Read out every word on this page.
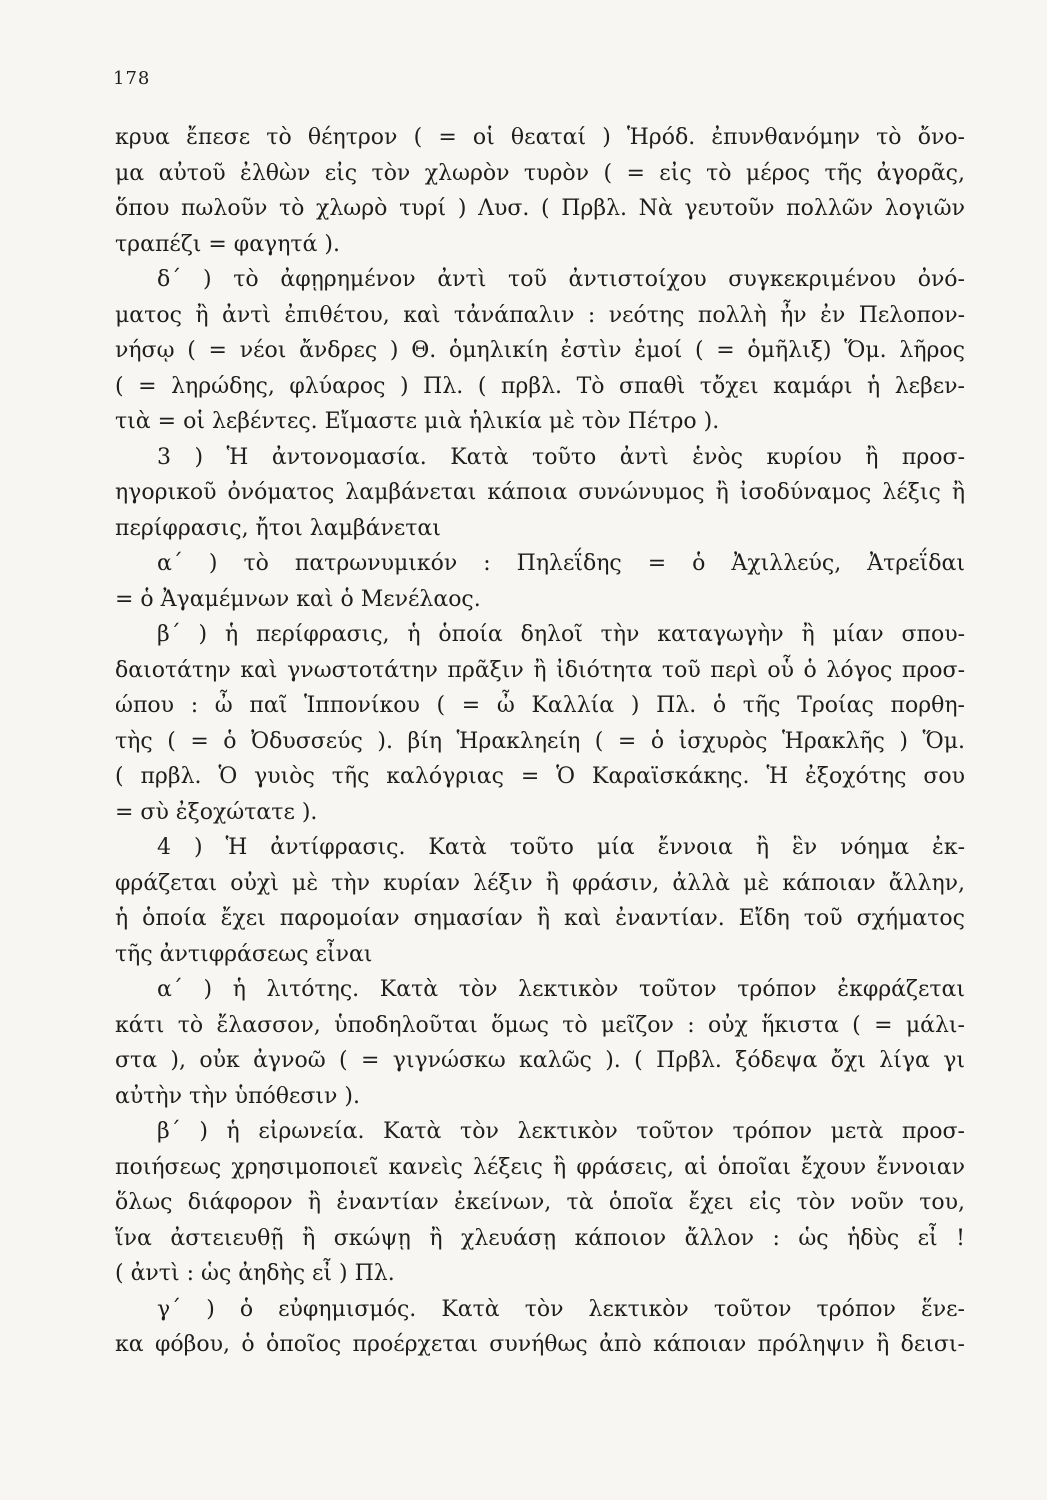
178
κρυα ἔπεσε τὸ θέητρον ( = οἱ θεαταί ) Ἡρόδ. ἐπυνθανόμην τὸ ὄνο-
μα αὐτοῦ ἐλθὼν εἰς τὸν χλωρὸν τυρὸν ( = εἰς τὸ μέρος τῆς ἀγορᾶς,
ὅπου πωλοῦν τὸ χλωρὸ τυρί ) Λυσ. ( Πρβλ. Νὰ γευτοῦν πολλῶν λογιῶν
τραπέζι = φαγητά ).
δ΄ ) τὸ ἀφῃρημένον ἀντὶ τοῦ ἀντιστοίχου συγκεκριμένου ὀνό-
ματος ἢ ἀντὶ ἐπιθέτου, καὶ τἀνάπαλιν : νεότης πολλὴ ἦν ἐν Πελοπον-
νήσῳ ( = νέοι ἄνδρες ) Θ. ὁμηλικίη ἐστὶν ἐμοί ( = ὁμῆλιξ) Ὅμ. λῆρος
( = ληρώδης, φλύαρος ) Πλ. ( πρβλ. Τὸ σπαθὶ τὄχει καμάρι ἡ λεβεν-
τιὰ = οἱ λεβέντες. Εἴμαστε μιὰ ἡλικία μὲ τὸν Πέτρο ).
3 ) Ἡ ἀντονομασία. Κατὰ τοῦτο ἀντὶ ἑνὸς κυρίου ἢ προσ-
ηγορικοῦ ὀνόματος λαμβάνεται κάποια συνώνυμος ἢ ἰσοδύναμος λέξις ἢ
περίφρασις, ἤτοι λαμβάνεται
α΄ ) τὸ πατρωνυμικόν : Πηλεΐδης = ὁ Ἀχιλλεύς, Ἀτρεΐδαι
= ὁ Ἀγαμέμνων καὶ ὁ Μενέλαος.
β΄ ) ἡ περίφρασις, ἡ ὁποία δηλοῖ τὴν καταγωγὴν ἢ μίαν σπου-
δαιοτάτην καὶ γνωστοτάτην πρᾶξιν ἢ ἰδιότητα τοῦ περὶ οὗ ὁ λόγος προσ-
ώπου : ὦ παῖ Ἱππονίκου ( = ὦ Καλλία ) Πλ. ὁ τῆς Τροίας πορθη-
τὴς ( = ὁ Ὀδυσσεύς ). βίη Ἡρακληείη ( = ὁ ἰσχυρὸς Ἡρακλῆς ) Ὅμ.
( πρβλ. Ὁ γυιὸς τῆς καλόγριας = Ὁ Καραϊσκάκης. Ἡ ἐξοχότης σου
= σὺ ἐξοχώτατε ).
4 ) Ἡ ἀντίφρασις. Κατὰ τοῦτο μία ἔννοια ἢ ἓν νόημα ἐκ-
φράζεται οὐχὶ μὲ τὴν κυρίαν λέξιν ἢ φράσιν, ἀλλὰ μὲ κάποιαν ἄλλην,
ἡ ὁποία ἔχει παρομοίαν σημασίαν ἢ καὶ ἐναντίαν. Εἴδη τοῦ σχήματος
τῆς ἀντιφράσεως εἶναι
α΄ ) ἡ λιτότης. Κατὰ τὸν λεκτικὸν τοῦτον τρόπον ἐκφράζεται
κάτι τὸ ἔλασσον, ὑποδηλοῦται ὅμως τὸ μεῖζον : οὐχ ἥκιστα ( = μάλι-
στα ), οὐκ ἀγνοῶ ( = γιγνώσκω καλῶς ). ( Πρβλ. ξόδεψα ὄχι λίγα γι
αὐτὴν τὴν ὑπόθεσιν ).
β΄ ) ἡ εἰρωνεία. Κατὰ τὸν λεκτικὸν τοῦτον τρόπον μετὰ προσ-
ποιήσεως χρησιμοποιεῖ κανεὶς λέξεις ἢ φράσεις, αἱ ὁποῖαι ἔχουν ἔννοιαν
ὅλως διάφορον ἢ ἐναντίαν ἐκείνων, τὰ ὁποῖα ἔχει εἰς τὸν νοῦν του,
ἵνα ἀστειευθῇ ἢ σκώψῃ ἢ χλευάσῃ κάποιον ἄλλον : ὡς ἡδὺς εἶ !
( ἀντὶ : ὡς ἀηδὴς εἶ ) Πλ.
γ΄ ) ὁ εὐφημισμός. Κατὰ τὸν λεκτικὸν τοῦτον τρόπον ἕνε-
κα φόβου, ὁ ὁποῖος προέρχεται συνήθως ἀπὸ κάποιαν πρόληψιν ἢ δεισι-
